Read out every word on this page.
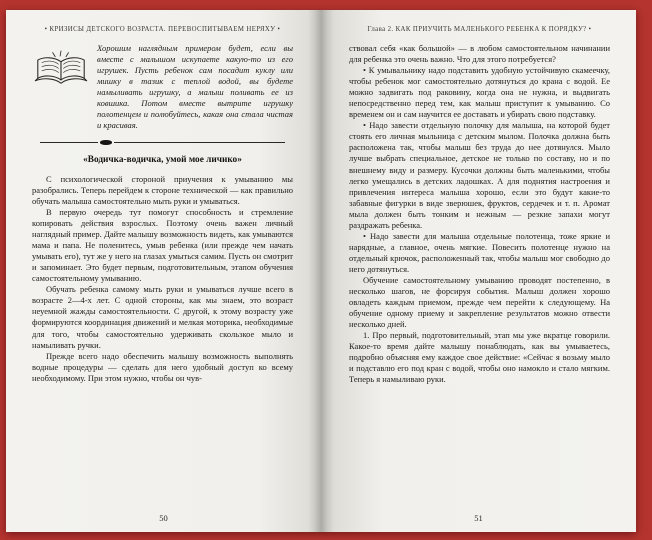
• КРИЗИСЫ ДЕТСКОГО ВОЗРАСТА. ПЕРЕВОСПИТЫВАЕМ НЕРЯХУ •
Хорошим наглядным примером будет, если вы вместе с малышом искупаете какую-то из его игрушек. Пусть ребенок сам посадит куклу или мишку в тазик с теплой водой, вы будете намыливать игрушку, а малыш поливать ее из ковшика. Потом вместе вытрите игрушку полотенцем и полюбуйтесь, какая она стала чистая и красивая.
«Водичка-водичка, умой мое личико»

С психологической стороной приучения к умыванию мы разобрались. Теперь перейдем к стороне технической — как правильно обучать малыша самостоятельно мыть руки и умываться.

В первую очередь тут помогут способность и стремление копировать действия взрослых. Поэтому очень важен личный наглядный пример. Дайте малышу возможность видеть, как умываются мама и папа. Не поленитесь, умыв ребенка (или прежде чем начать умывать его), тут же у него на глазах умыться самим. Пусть он смотрит и запоминает. Это будет первым, подготовительным, этапом обучения самостоятельному умыванию.

Обучать ребенка самому мыть руки и умываться лучше всего в возрасте 2—4-х лет. С одной стороны, как мы знаем, это возраст неуемной жажды самостоятельности. С другой, к этому возрасту уже формируются координация движений и мелкая моторика, необходимые для того, чтобы самостоятельно удерживать скользкое мыло и намыливать ручки.

Прежде всего надо обеспечить малышу возможность выполнять водные процедуры — сделать для него удобный доступ ко всему необходимому. При этом нужно, чтобы он чув-

50
Глава 2. КАК ПРИУЧИТЬ МАЛЕНЬКОГО РЕБЕНКА К ПОРЯДКУ? •

ствовал себя «как большой» — в любом самостоятельном начинании для ребенка это очень важно. Что для этого потребуется?

• К умывальнику надо подставить удобную устойчивую скамеечку, чтобы ребенок мог самостоятельно дотянуться до крана с водой. Ее можно задвигать под раковину, когда она не нужна, и выдвигать непосредственно перед тем, как малыш приступит к умыванию. Со временем он и сам научится ее доставать и убирать свою подставку.

• Надо завести отдельную полочку для малыша, на которой будет стоять его личная мыльница с детским мылом. Полочка должна быть расположена так, чтобы малыш без труда до нее дотянулся. Мыло лучше выбрать специальное, детское не только по составу, но и по внешнему виду и размеру. Кусочки должны быть маленькими, чтобы легко умещались в детских ладошках. А для поднятия настроения и привлечения интереса малыша хорошо, если это будут какие-то забавные фигурки в виде зверюшек, фруктов, сердечек и т. п. Аромат мыла должен быть тонким и нежным — резкие запахи могут раздражать ребенка.

• Надо завести для малыша отдельные полотенца, тоже яркие и нарядные, а главное, очень мягкие. Повесить полотенце нужно на отдельный крючок, расположенный так, чтобы малыш мог свободно до него дотянуться.

Обучение самостоятельному умыванию проводят постепенно, в несколько шагов, не форсируя события. Малыш должен хорошо овладеть каждым приемом, прежде чем перейти к следующему. На обучение одному приему и закрепление результатов можно отвести несколько дней.

1. Про первый, подготовительный, этап мы уже вкратце говорили. Какое-то время дайте малышу понаблюдать, как вы умываетесь, подробно объясняя ему каждое свое действие: «Сейчас я возьму мыло и подставлю его под кран с водой, чтобы оно намокло и стало мягким. Теперь я намыливаю руки.

51
